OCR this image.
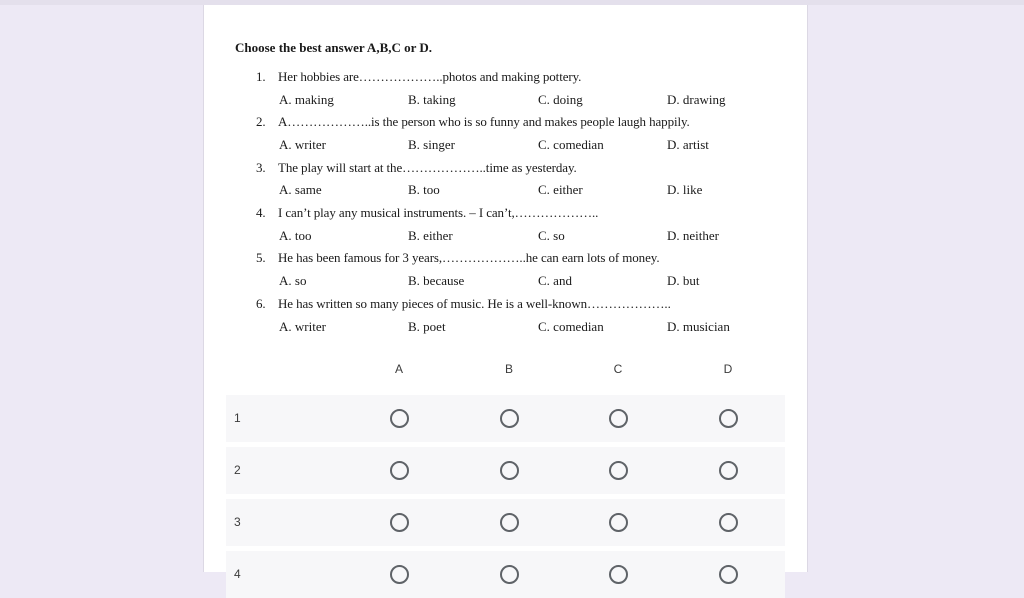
Choose the best answer A,B,C or D.
1. Her hobbies are………………..photos and making pottery.
A. making	B. taking	C. doing	D. drawing
2. A………………..is the person who is so funny and makes people laugh happily.
A. writer	B. singer	C. comedian	D. artist
3. The play will start at the………………..time as yesterday.
A. same	B. too	C. either	D. like
4. I can’t play any musical instruments. – I can’t,………………..
A. too	B. either	C. so	D. neither
5. He has been famous for 3 years,………………..he can earn lots of money.
A. so	B. because	C. and	D. but
6. He has written so many pieces of music. He is a well-known………………..
A. writer	B. poet	C. comedian	D. musician
A	B	C	D
1
2
3
4
